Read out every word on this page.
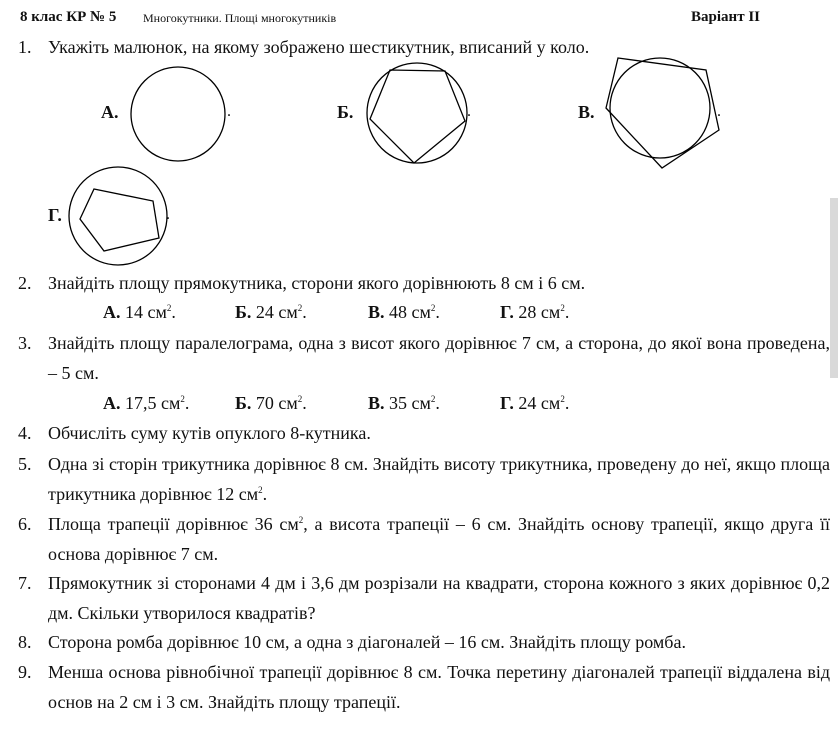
8 клас КР № 5 Многокутники. Площі многокутників	Варіант ІІ
1. Укажіть малюнок, на якому зображено шестикутник, вписаний у коло.
А.	.	Б.	.	В.	.
Г.	.
2. Знайдіть площу прямокутника, сторони якого дорівнюють 8 см і 6 см.
А. 14 $см^2$.	Б. 24 $см^2$.	В. 48 $см^2$.	Г. 28 $см^2$.
3. Знайдіть площу паралелограма, одна з висот якого дорівнює 7 см, а сторона, до якої вона проведена, – 5 см.
А. 17,5 $см^2$.	Б. 70 $см^2$.	В. 35 $см^2$.	Г. 24 $см^2$.
4. Обчисліть суму кутів опуклого 8-кутника.
5. Одна зі сторін трикутника дорівнює 8 см. Знайдіть висоту трикутника, проведену до неї, якщо площа трикутника дорівнює 12 $см^2$.
6. Площа трапеції дорівнює 36 $см^2$, а висота трапеції – 6 см. Знайдіть основу трапеції, якщо друга її основа дорівнює 7 см.
7. Прямокутник зі сторонами 4 дм і 3,6 дм розрізали на квадрати, сторона кожного з яких дорівнює 0,2 дм. Скільки утворилося квадратів?
8. Сторона ромба дорівнює 10 см, а одна з діагоналей – 16 см. Знайдіть площу ромба.
9. Менша основа рівнобічної трапеції дорівнює 8 см. Точка перетину діагоналей трапеції віддалена від основ на 2 см і 3 см. Знайдіть площу трапеції.
